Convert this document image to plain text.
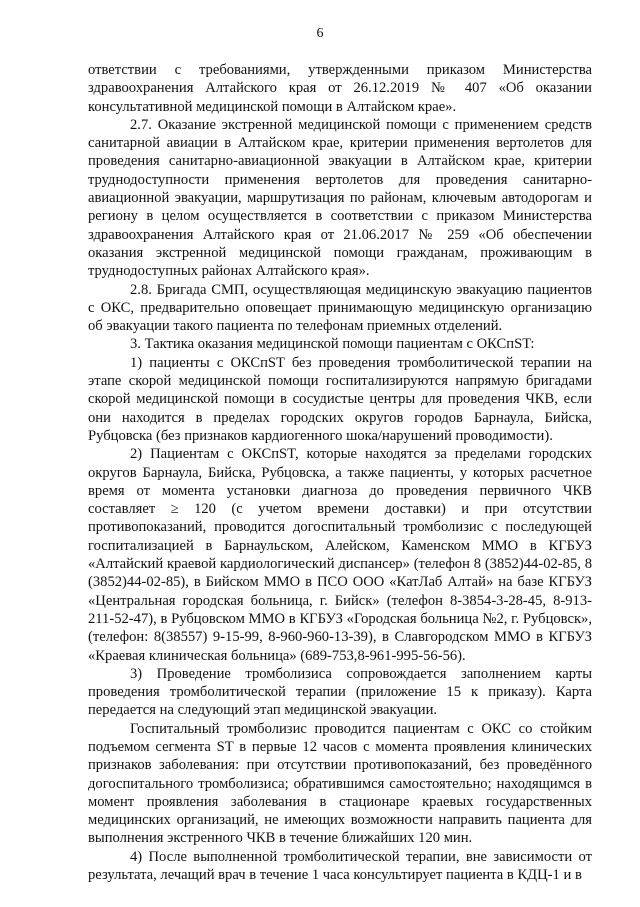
6

ответствии с требованиями, утвержденными приказом Министерства здравоохранения Алтайского края от 26.12.2019 № 407 «Об оказании консультативной медицинской помощи в Алтайском крае».

2.7. Оказание экстренной медицинской помощи с применением средств санитарной авиации в Алтайском крае, критерии применения вертолетов для проведения санитарно-авиационной эвакуации в Алтайском крае, критерии труднодоступности применения вертолетов для проведения санитарно-авиационной эвакуации, маршрутизация по районам, ключевым автодорогам и региону в целом осуществляется в соответствии с приказом Министерства здравоохранения Алтайского края от 21.06.2017 № 259 «Об обеспечении оказания экстренной медицинской помощи гражданам, проживающим в труднодоступных районах Алтайского края».

2.8. Бригада СМП, осуществляющая медицинскую эвакуацию пациентов с ОКС, предварительно оповещает принимающую медицинскую организацию об эвакуации такого пациента по телефонам приемных отделений.

3. Тактика оказания медицинской помощи пациентам с ОКСпST:

1) пациенты с ОКСпST без проведения тромболитической терапии на этапе скорой медицинской помощи госпитализируются напрямую бригадами скорой медицинской помощи в сосудистые центры для проведения ЧКВ, если они находится в пределах городских округов городов Барнаула, Бийска, Рубцовска (без признаков кардиогенного шока/нарушений проводимости).

2) Пациентам с ОКСпST, которые находятся за пределами городских округов Барнаула, Бийска, Рубцовска, а также пациенты, у которых расчетное время от момента установки диагноза до проведения первичного ЧКВ составляет ≥ 120 (с учетом времени доставки) и при отсутствии противопоказаний, проводится догоспитальный тромболизис с последующей госпитализацией в Барнаульском, Алейском, Каменском ММО в КГБУЗ «Алтайский краевой кардиологический диспансер» (телефон 8 (3852)44-02-85, 8 (3852)44-02-85), в Бийском ММО в ПСО ООО «КатЛаб Алтай» на базе КГБУЗ «Центральная городская больница, г. Бийск» (телефон 8-3854-3-28-45, 8-913-211-52-47), в Рубцовском ММО в КГБУЗ «Городская больница №2, г. Рубцовск», (телефон: 8(38557) 9-15-99, 8-960-960-13-39), в Славгородском ММО в КГБУЗ «Краевая клиническая больница» (689-753,8-961-995-56-56).

3) Проведение тромболизиса сопровождается заполнением карты проведения тромболитической терапии (приложение 15 к приказу). Карта передается на следующий этап медицинской эвакуации.

Госпитальный тромболизис проводится пациентам с ОКС со стойким подъемом сегмента ST в первые 12 часов с момента проявления клинических признаков заболевания: при отсутствии противопоказаний, без проведённого догоспитального тромболизиса; обратившимся самостоятельно; находящимся в момент проявления заболевания в стационаре краевых государственных медицинских организаций, не имеющих возможности направить пациента для выполнения экстренного ЧКВ в течение ближайших 120 мин.

4) После выполненной тромболитической терапии, вне зависимости от результата, лечащий врач в течение 1 часа консультирует пациента в КДЦ-1 и в
